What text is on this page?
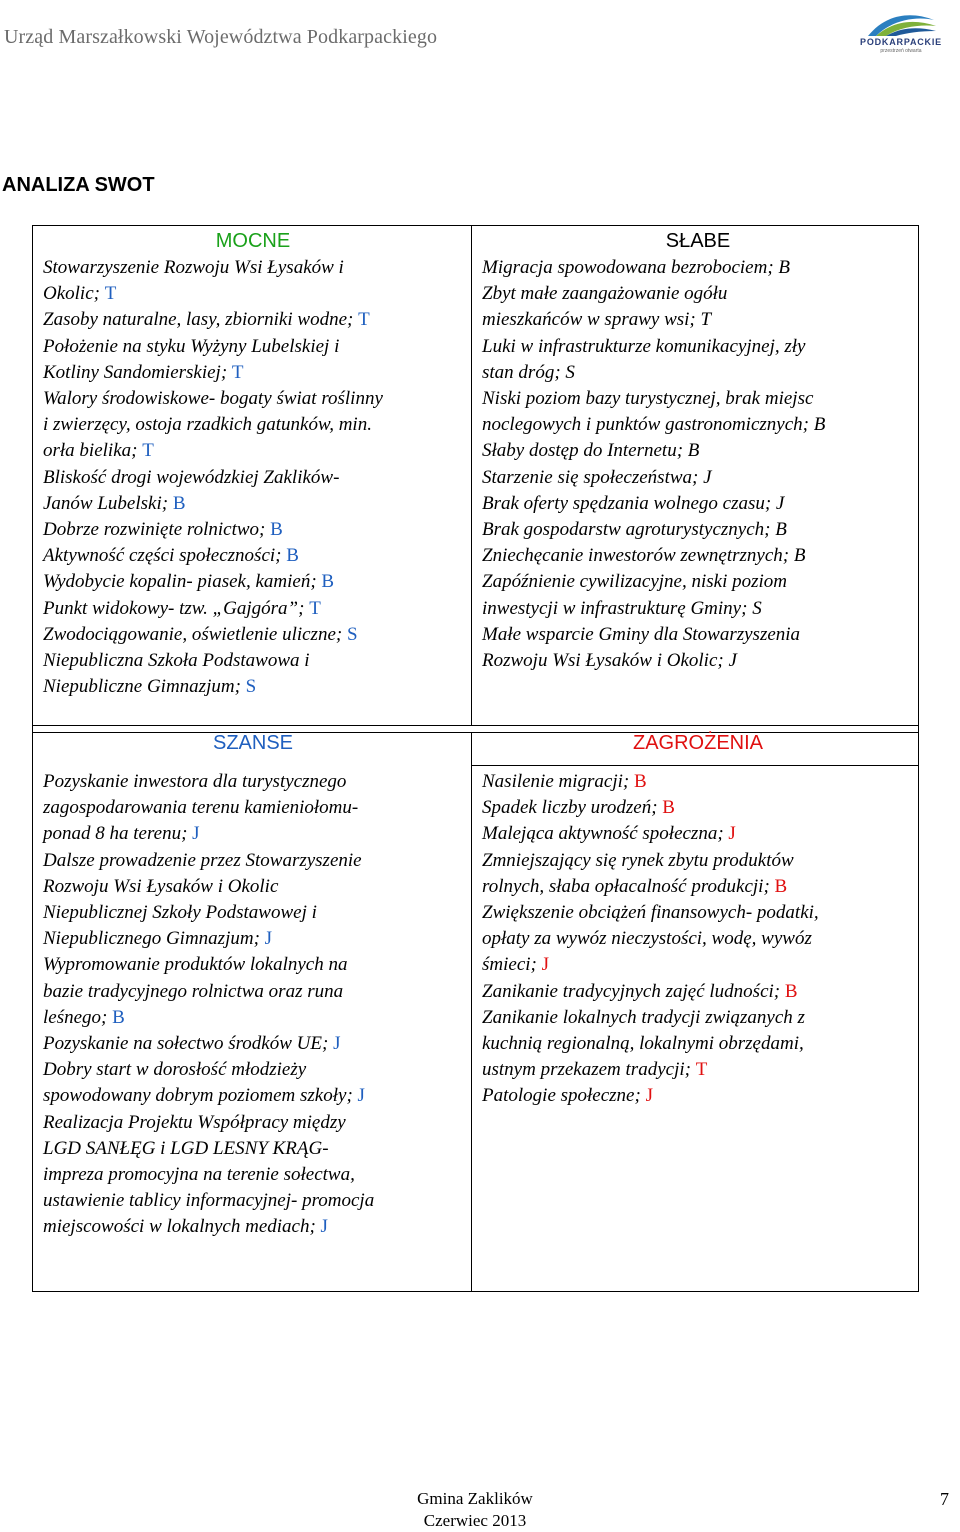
Urząd Marszałkowski Województwa Podkarpackiego	PODKARPACKIE
przestrzeń otwarta
ANALIZA SWOT
MOCNE
Stowarzyszenie Rozwoju Wsi Łysaków i
Okolic; T
Zasoby naturalne, lasy, zbiorniki wodne; T
Położenie na styku Wyżyny Lubelskiej i
Kotliny Sandomierskiej; T
Walory środowiskowe- bogaty świat roślinny
i zwierzęcy, ostoja rzadkich gatunków, min.
orła bielika; T
Bliskość drogi wojewódzkiej Zaklików-
Janów Lubelski; B
Dobrze rozwinięte rolnictwo; B
Aktywność części społeczności; B
Wydobycie kopalin- piasek, kamień; B
Punkt widokowy- tzw. „Gajgóra”; T
Zwodociągowanie, oświetlenie uliczne; S
Niepubliczna Szkoła Podstawowa i
Niepubliczne Gimnazjum; S
SŁABE
Migracja spowodowana bezrobociem; B
Zbyt małe zaangażowanie ogółu
mieszkańców w sprawy wsi; T
Luki w infrastrukturze komunikacyjnej, zły
stan dróg; S
Niski poziom bazy turystycznej, brak miejsc
noclegowych i punktów gastronomicznych; B
Słaby dostęp do Internetu; B
Starzenie się społeczeństwa; J
Brak oferty spędzania wolnego czasu; J
Brak gospodarstw agroturystycznych; B
Zniechęcanie inwestorów zewnętrznych; B
Zapóźnienie cywilizacyjne, niski poziom
inwestycji w infrastrukturę Gminy; S
Małe wsparcie Gminy dla Stowarzyszenia
Rozwoju Wsi Łysaków i Okolic; J
SZANSE
Pozyskanie inwestora dla turystycznego
zagospodarowania terenu kamieniołomu-
ponad 8 ha terenu; J
Dalsze prowadzenie przez Stowarzyszenie
Rozwoju Wsi Łysaków i Okolic
Niepublicznej Szkoły Podstawowej i
Niepublicznego Gimnazjum; J
Wypromowanie produktów lokalnych na
bazie tradycyjnego rolnictwa oraz runa
leśnego; B
Pozyskanie na sołectwo środków UE; J
Dobry start w dorosłość młodzieży
spowodowany dobrym poziomem szkoły; J
Realizacja Projektu Współpracy między
LGD SANŁĘG i LGD LESNY KRĄG-
impreza promocyjna na terenie sołectwa,
ustawienie tablicy informacyjnej- promocja
miejscowości w lokalnych mediach; J
ZAGROŻENIA
Nasilenie migracji; B
Spadek liczby urodzeń; B
Malejąca aktywność społeczna; J
Zmniejszający się rynek zbytu produktów
rolnych, słaba opłacalność produkcji; B
Zwiększenie obciążeń finansowych- podatki,
opłaty za wywóz nieczystości, wodę, wywóz
śmieci; J
Zanikanie tradycyjnych zajęć ludności; B
Zanikanie lokalnych tradycji związanych z
kuchnią regionalną, lokalnymi obrzędami,
ustnym przekazem tradycji; T
Patologie społeczne; J
Gmina Zaklików
Czerwiec 2013
7
